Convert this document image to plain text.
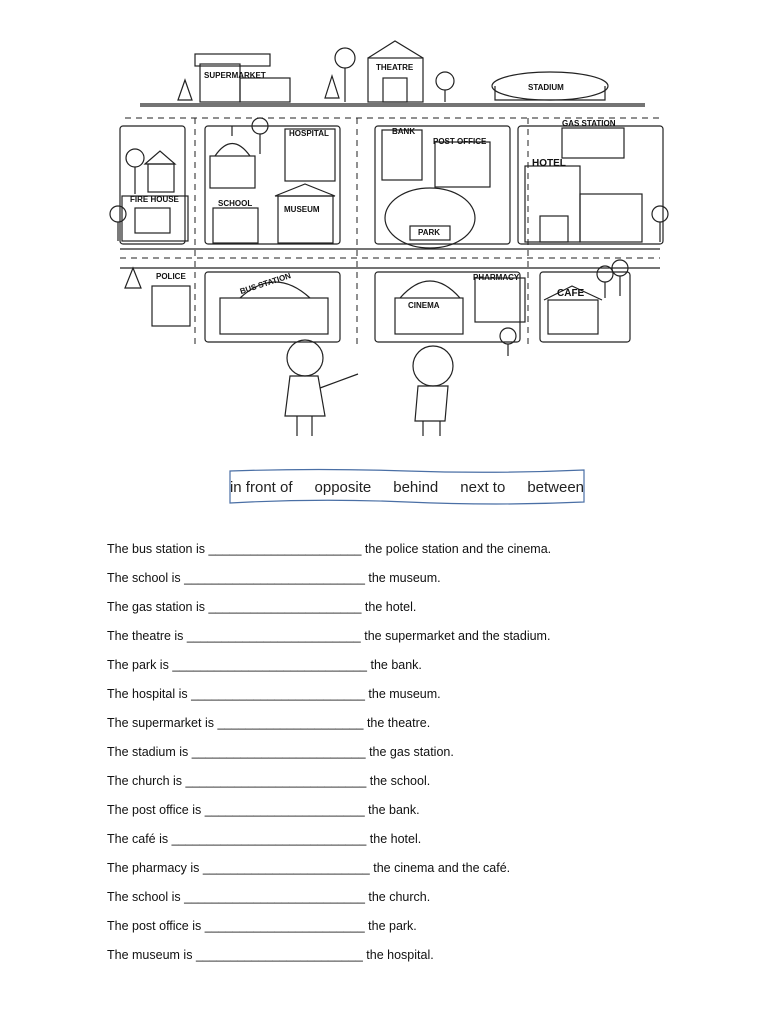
SUPERMARKET
THEATRE
STADIUM
HOSPITAL
FIRE HOUSE	SCHOOL
MUSEUM
BANK
POST OFFICE
PARK
GAS STATION
HOTEL
POLICE	BUS STATION
CINEMA
PHARMACY
CAFE
in front of opposite behind next to between
The bus station is ______________________ the police station and the cinema.
The school is __________________________ the museum.
The gas station is ______________________ the hotel.
The theatre is _________________________ the supermarket and the stadium.
The park is ____________________________ the bank.
The hospital is _________________________ the museum.
The supermarket is _____________________ the theatre.
The stadium is _________________________ the gas station.
The church is __________________________ the school.
The post office is _______________________ the bank.
The café is ____________________________ the hotel.
The pharmacy is ________________________ the cinema and the café.
The school is __________________________ the church.
The post office is _______________________ the park.
The museum is ________________________ the hospital.
